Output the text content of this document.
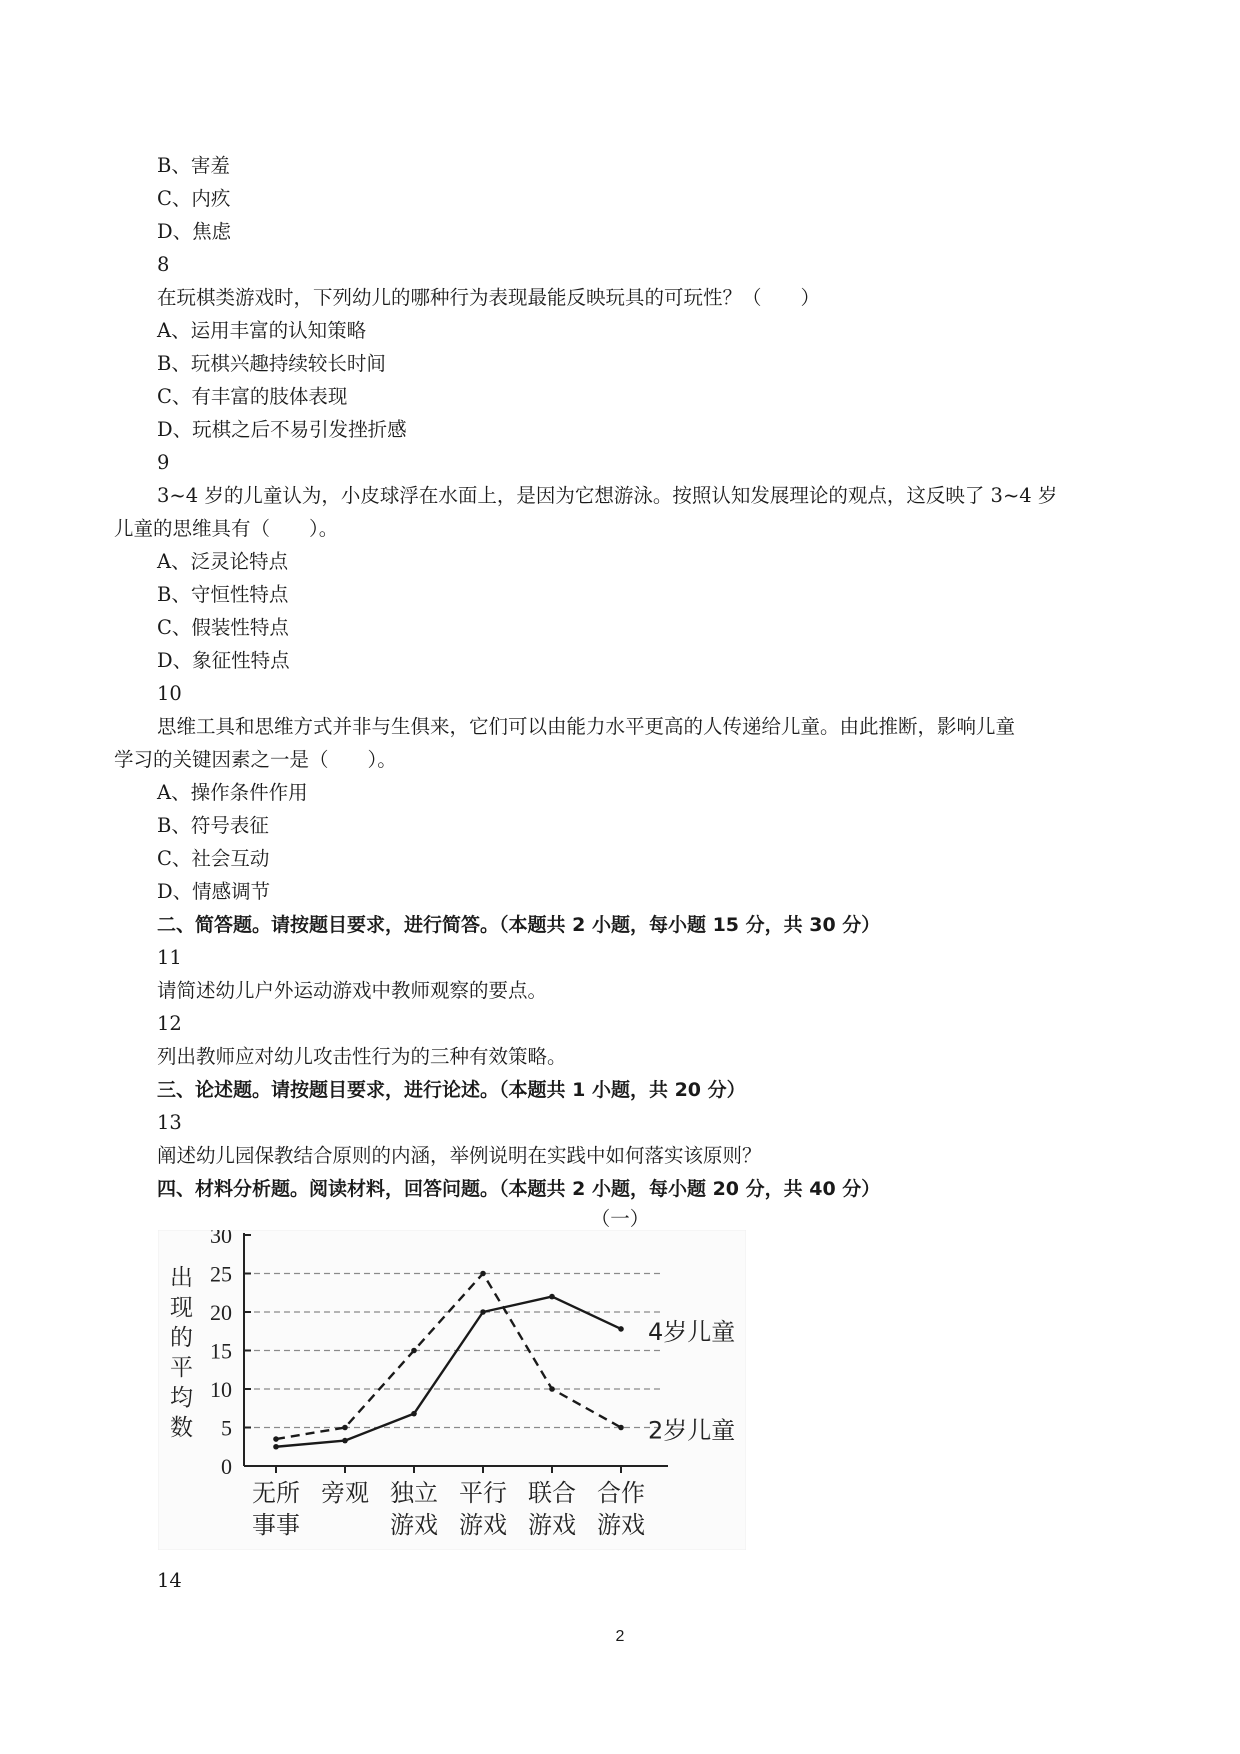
B、害羞
C、内疚
D、焦虑
8
在玩棋类游戏时，下列幼儿的哪种行为表现最能反映玩具的可玩性？（　　）
A、运用丰富的认知策略
B、玩棋兴趣持续较长时间
C、有丰富的肢体表现
D、玩棋之后不易引发挫折感
9
3~4 岁的儿童认为，小皮球浮在水面上，是因为它想游泳。按照认知发展理论的观点，这反映了 3~4 岁
儿童的思维具有（　　）。
A、泛灵论特点
B、守恒性特点
C、假装性特点
D、象征性特点
10
思维工具和思维方式并非与生俱来，它们可以由能力水平更高的人传递给儿童。由此推断，影响儿童
学习的关键因素之一是（　　）。
A、操作条件作用
B、符号表征
C、社会互动
D、情感调节
二、简答题。请按题目要求，进行简答。（本题共 2 小题，每小题 15 分，共 30 分）
11
请简述幼儿户外运动游戏中教师观察的要点。
12
列出教师应对幼儿攻击性行为的三种有效策略。
三、论述题。请按题目要求，进行论述。（本题共 1 小题，共 20 分）
13
阐述幼儿园保教结合原则的内涵，举例说明在实践中如何落实该原则？
四、材料分析题。阅读材料，回答问题。（本题共 2 小题，每小题 20 分，共 40 分）
（一）
14
0
5
10
15
20
25
30
无所
事事
旁观 独立
游戏
平行
游戏
联合
游戏
合作
游戏
出
现
的
平
均
数
4岁儿童
2岁儿童
2
